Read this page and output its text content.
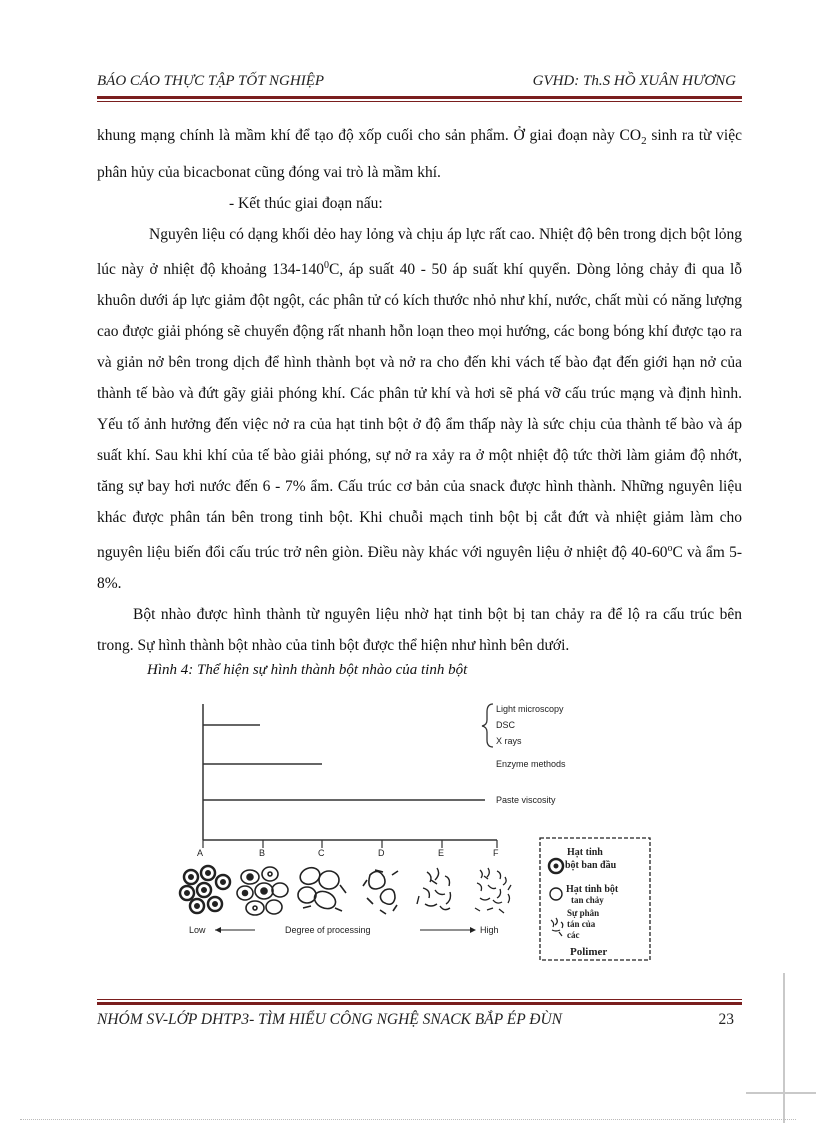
BÁO CÁO THỰC TẬP TỐT NGHIỆP	GVHD: Th.S HỒ XUÂN HƯƠNG

khung mạng chính là mầm khí để tạo độ xốp cuối cho sản phẩm. Ở giai đoạn này $CO_2$ sinh ra từ việc phân hủy của bicacbonat cũng đóng vai trò là mầm khí.

- Kết thúc giai đoạn nấu:

Nguyên liệu có dạng khối dẻo hay lỏng và chịu áp lực rất cao. Nhiệt độ bên trong dịch bột lỏng lúc này ở nhiệt độ khoảng $134-140^0C$, áp suất 40 - 50 áp suất khí quyển. Dòng lỏng chảy đi qua lỗ khuôn dưới áp lực giảm đột ngột, các phân tử có kích thước nhỏ như khí, nước, chất mùi có năng lượng cao được giải phóng sẽ chuyển động rất nhanh hỗn loạn theo mọi hướng, các bong bóng khí được tạo ra và giản nở bên trong dịch để hình thành bọt và nở ra cho đến khi vách tế bào đạt đến giới hạn nở của thành tế bào và đứt gãy giải phóng khí. Các phân tử khí và hơi sẽ phá vỡ cấu trúc mạng và định hình. Yếu tố ảnh hưởng đến việc nở ra của hạt tinh bột ở độ ẩm thấp này là sức chịu của thành tế bào và áp suất khí. Sau khi khí của tế bào giải phóng, sự nở ra xảy ra ở một nhiệt độ tức thời làm giảm độ nhớt, tăng sự bay hơi nước đến 6 - 7% ẩm. Cấu trúc cơ bản của snack được hình thành. Những nguyên liệu khác được phân tán bên trong tinh bột. Khi chuỗi mạch tinh bột bị cắt đứt và nhiệt giảm làm cho nguyên liệu biến đổi cấu trúc trở nên giòn. Điều này khác với nguyên liệu ở nhiệt độ 40-60$^o$C và ẩm 5-8%.

Bột nhào được hình thành từ nguyên liệu nhờ hạt tinh bột bị tan chảy ra để lộ ra cấu trúc bên trong. Sự hình thành bột nhào của tinh bột được thể hiện như hình bên dưới.

Hình 4: Thể hiện sự hình thành bột nhào của tinh bột
Light microscopy
DSC
X rays
Enzyme methods
Paste viscosity
A	B	C	D	E	F
Low	Degree of processing	High
Hạt tinh
bột ban đầu
Hạt tinh bột
tan chảy
Sự phân
tán của
các
Polimer
NHÓM SV-LỚP DHTP3- TÌM HIỂU CÔNG NGHỆ SNACK BẮP ÉP ĐÙN	23
